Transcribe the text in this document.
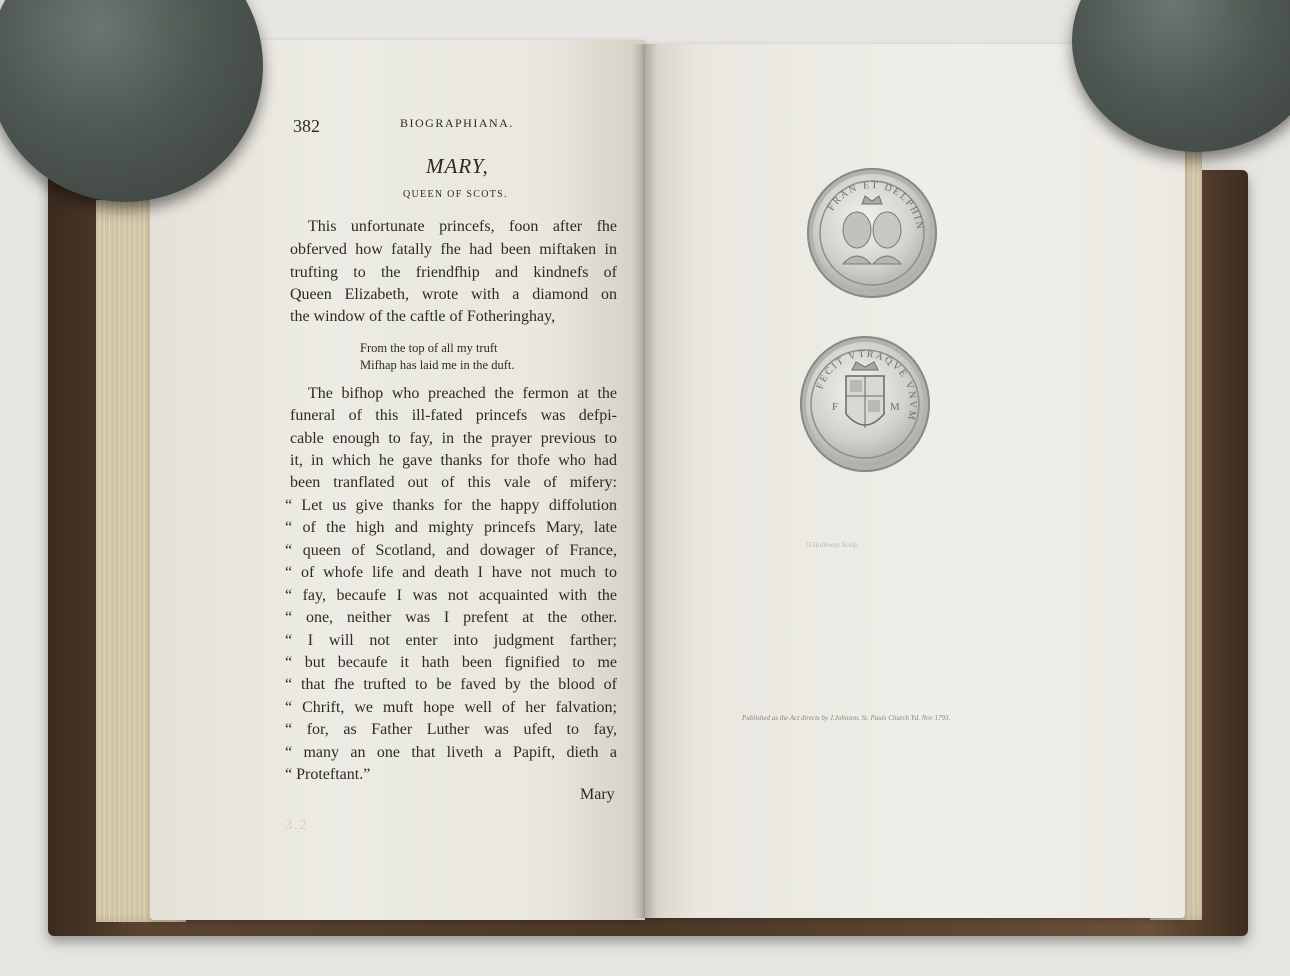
382	BIOGRAPHIANA.
MARY,
QUEEN OF SCOTS.
This unfortunate princefs, foon after fhe
obferved how fatally fhe had been miftaken in
trufting to the friendfhip and kindnefs of
Queen Elizabeth, wrote with a diamond on
the window of the caftle of Fotheringhay,
From the top of all my truft
Mifhap has laid me in the duft.
The bifhop who preached the fermon at the
funeral of this ill-fated princefs was defpi-
cable enough to fay, in the prayer previous to
it, in which he gave thanks for thofe who had
been tranflated out of this vale of mifery:
“ Let us give thanks for the happy diffolution
“ of the high and mighty princefs Mary, late
“ queen of Scotland, and dowager of France,
“ of whofe life and death I have not much to
“ fay, becaufe I was not acquainted with the
“ one, neither was I prefent at the other.
“ I will not enter into judgment farther;
“ but becaufe it hath been fignified to me
“ that fhe trufted to be faved by the blood of
“ Chrift, we muft hope well of her falvation;
“ for, as Father Luther was ufed to fay,
“ many an one that liveth a Papift, dieth a
“ Proteftant.”
Mary
3.2
FRAN ET DELPHIN
FECIT VTRAQVE VNVM
F	M
G Holloway Sculp.
Published as the Act directs by J.Johnson, St. Pauls Church Yd. Nov 1793.
